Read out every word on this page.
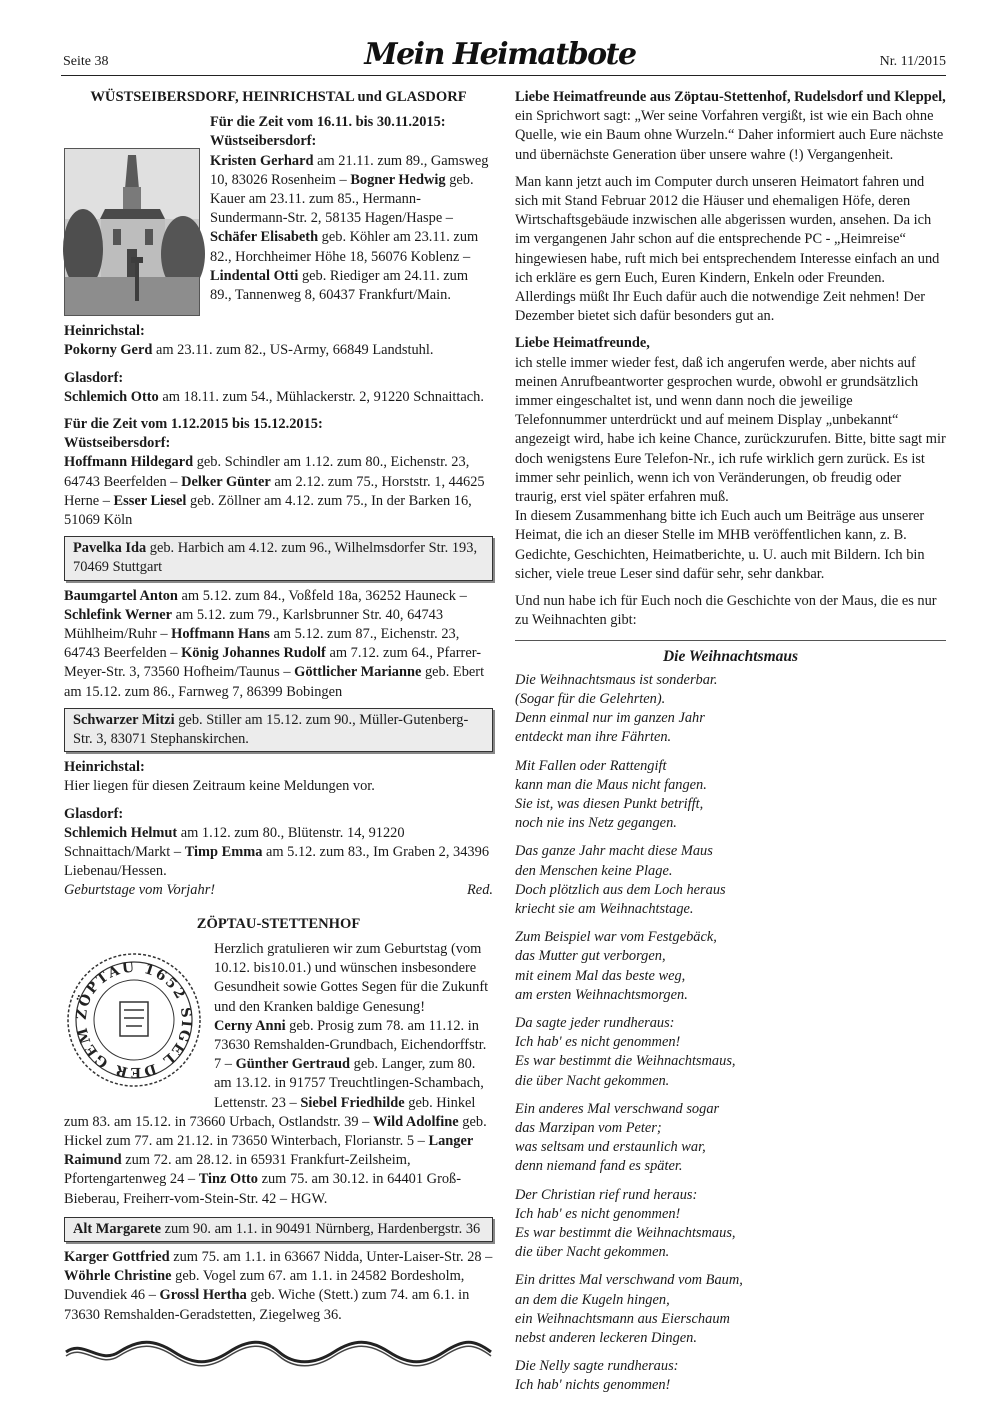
Seite 38	Mein Heimatbote	Nr. 11/2015
WÜSTSEIBERSDORF, HEINRICHSTAL und GLASDORF
Für die Zeit vom 16.11. bis 30.11.2015:
Wüstseibersdorf:

Kristen Gerhard am 21.11. zum 89., Gamsweg 10, 83026 Rosenheim – Bogner Hedwig geb. Kauer am 23.11. zum 85., Hermann-Sundermann-Str. 2, 58135 Hagen/Haspe – Schäfer Elisabeth geb. Köhler am 23.11. zum 82., Horchheimer Höhe 18, 56076 Koblenz – Lindental Otti geb. Riediger am 24.11. zum 89., Tannenweg 8, 60437 Frankfurt/Main.

Heinrichstal:

Pokorny Gerd am 23.11. zum 82., US-Army, 66849 Landstuhl.

Glasdorf:

Schlemich Otto am 18.11. zum 54., Mühlackerstr. 2, 91220 Schnaittach.

Für die Zeit vom 1.12.2015 bis 15.12.2015:
Wüstseibersdorf:

Hoffmann Hildegard geb. Schindler am 1.12. zum 80., Eichenstr. 23, 64743 Beerfelden – Delker Günter am 2.12. zum 75., Horststr. 1, 44625 Herne – Esser Liesel geb. Zöllner am 4.12. zum 75., In der Barken 16, 51069 Köln

Pavelka Ida geb. Harbich am 4.12. zum 96., Wilhelmsdorfer Str. 193, 70469 Stuttgart

Baumgartel Anton am 5.12. zum 84., Voßfeld 18a, 36252 Hauneck – Schlefink Werner am 5.12. zum 79., Karlsbrunner Str. 40, 64743 Mühlheim/Ruhr – Hoffmann Hans am 5.12. zum 87., Eichenstr. 23, 64743 Beerfelden – König Johannes Rudolf am 7.12. zum 64., Pfarrer-Meyer-Str. 3, 73560 Hofheim/Taunus – Göttlicher Marianne geb. Ebert am 15.12. zum 86., Farnweg 7, 86399 Bobingen

Schwarzer Mitzi geb. Stiller am 15.12. zum 90., Müller-Gutenberg-Str. 3, 83071 Stephanskirchen.
Heinrichstal:

Hier liegen für diesen Zeitraum keine Meldungen vor.

Glasdorf:

Schlemich Helmut am 1.12. zum 80., Blütenstr. 14, 91220 Schnaittach/Markt – Timp Emma am 5.12. zum 83., Im Graben 2, 34396 Liebenau/Hessen.

Geburtstage vom Vorjahr!	Red.
ZÖPTAU-STETTENHOF
ZÖPTAU 1652 SIGEL DER GEM

Herzlich gratulieren wir zum Geburtstag (vom 10.12. bis10.01.) und wünschen insbesondere Gesundheit sowie Gottes Segen für die Zukunft und den Kranken baldige Genesung!

Cerny Anni geb. Prosig zum 78. am 11.12. in 73630 Remshalden-Grundbach, Eichendorffstr. 7 – Günther Gertraud geb. Langer, zum 80. am 13.12. in 91757 Treuchtlingen-Schambach, Lettenstr. 23 – Siebel Friedhilde geb. Hinkel zum 83. am 15.12. in 73660 Urbach, Ostlandstr. 39 – Wild Adolfine geb. Hickel zum 77. am 21.12. in 73650 Winterbach, Florianstr. 5 – Langer Raimund zum 72. am 28.12. in 65931 Frankfurt-Zeilsheim, Pfortengartenweg 24 – Tinz Otto zum 75. am 30.12. in 64401 Groß-Bieberau, Freiherr-vom-Stein-Str. 42 – HGW.

Alt Margarete zum 90. am 1.1. in 90491 Nürnberg, Hardenbergstr. 36

Karger Gottfried zum 75. am 1.1. in 63667 Nidda, Unter-Laiser-Str. 28 – Wöhrle Christine geb. Vogel zum 67. am 1.1. in 24582 Bordesholm, Duvendiek 46 – Grossl Hertha geb. Wiche (Stett.) zum 74. am 6.1. in 73630 Remshalden-Geradstetten, Ziegelweg 36.

Liebe Heimatfreunde aus Zöptau-Stettenhof, Rudelsdorf und Kleppel,

ein Sprichwort sagt: „Wer seine Vorfahren vergißt, ist wie ein Bach ohne Quelle, wie ein Baum ohne Wurzeln.“ Daher informiert auch Eure nächste und übernächste Generation über unsere wahre (!) Vergangenheit.

Man kann jetzt auch im Computer durch unseren Heimatort fahren und sich mit Stand Februar 2012 die Häuser und ehemaligen Höfe, deren Wirtschaftsgebäude inzwischen alle abgerissen wurden, ansehen. Da ich im vergangenen Jahr schon auf die entsprechende PC - „Heimreise“ hingewiesen habe, ruft mich bei entsprechendem Interesse einfach an und ich erkläre es gern Euch, Euren Kindern, Enkeln oder Freunden. Allerdings müßt Ihr Euch dafür auch die notwendige Zeit nehmen! Der Dezember bietet sich dafür besonders gut an.

Liebe Heimatfreunde,

ich stelle immer wieder fest, daß ich angerufen werde, aber nichts auf meinen Anrufbeantworter gesprochen wurde, obwohl er grundsätzlich immer eingeschaltet ist, und wenn dann noch die jeweilige Telefonnummer unterdrückt und auf meinem Display „unbekannt“ angezeigt wird, habe ich keine Chance, zurückzurufen. Bitte, bitte sagt mir doch wenigstens Eure Telefon-Nr., ich rufe wirklich gern zurück. Es ist immer sehr peinlich, wenn ich von Veränderungen, ob freudig oder traurig, erst viel später erfahren muß.

In diesem Zusammenhang bitte ich Euch auch um Beiträge aus unserer Heimat, die ich an dieser Stelle im MHB veröffentlichen kann, z. B. Gedichte, Geschichten, Heimatberichte, u. U. auch mit Bildern. Ich bin sicher, viele treue Leser sind dafür sehr, sehr dankbar.

Und nun habe ich für Euch noch die Geschichte von der Maus, die es nur zu Weihnachten gibt:

Die Weihnachtsmaus

Die Weihnachtsmaus ist sonderbar.

(Sogar für die Gelehrten).

Denn einmal nur im ganzen Jahr

entdeckt man ihre Fährten.

Mit Fallen oder Rattengift

kann man die Maus nicht fangen.

Sie ist, was diesen Punkt betrifft,

noch nie ins Netz gegangen.

Das ganze Jahr macht diese Maus

den Menschen keine Plage.

Doch plötzlich aus dem Loch heraus

kriecht sie am Weihnachtstage.

Zum Beispiel war vom Festgebäck,

das Mutter gut verborgen,

mit einem Mal das beste weg,

am ersten Weihnachtsmorgen.

Da sagte jeder rundheraus:

Ich hab' es nicht genommen!

Es war bestimmt die Weihnachtsmaus,

die über Nacht gekommen.

Ein anderes Mal verschwand sogar

das Marzipan vom Peter;

was seltsam und erstaunlich war,

denn niemand fand es später.

Der Christian rief rund heraus:

Ich hab' es nicht genommen!

Es war bestimmt die Weihnachtsmaus,

die über Nacht gekommen.

Ein drittes Mal verschwand vom Baum,

an dem die Kugeln hingen,

ein Weihnachtsmann aus Eierschaum

nebst anderen leckeren Dingen.

Die Nelly sagte rundheraus:

Ich hab' nichts genommen!
